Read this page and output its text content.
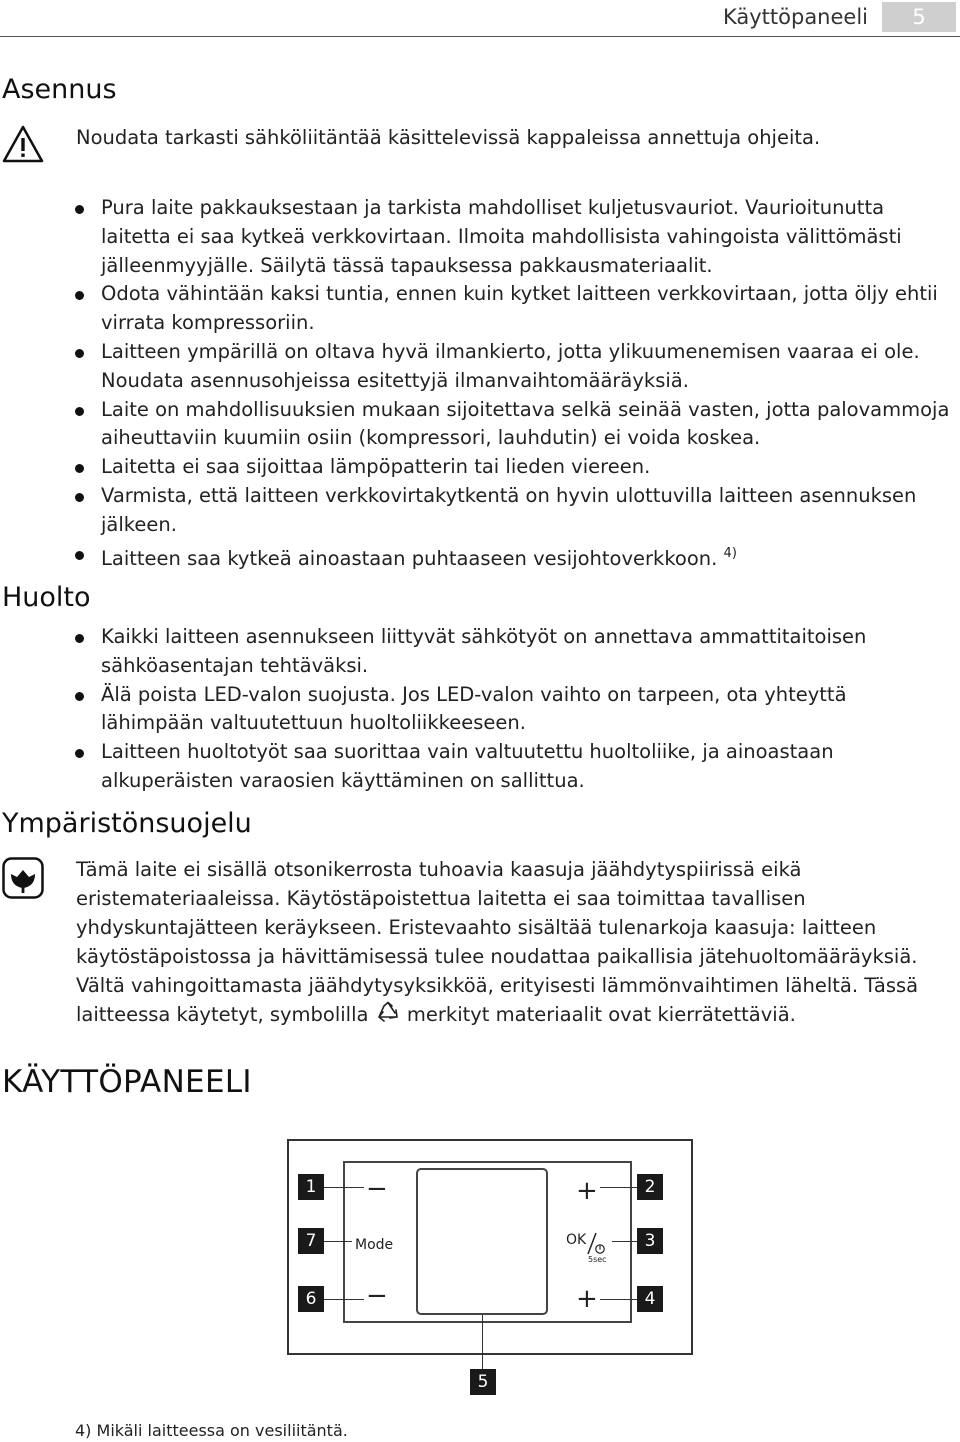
Käyttöpaneeli	5
Asennus
Noudata tarkasti sähköliitäntää käsittelevissä kappaleissa annettuja ohjeita.
Pura laite pakkauksestaan ja tarkista mahdolliset kuljetusvauriot. Vaurioitunutta laitetta ei saa kytkeä verkkovirtaan. Ilmoita mahdollisista vahingoista välittömästi jälleenmyyjälle. Säilytä tässä tapauksessa pakkausmateriaalit.
Odota vähintään kaksi tuntia, ennen kuin kytket laitteen verkkovirtaan, jotta öljy ehtii virrata kompressoriin.
Laitteen ympärillä on oltava hyvä ilmankierto, jotta ylikuumenemisen vaaraa ei ole. Noudata asennusohjeissa esitettyjä ilmanvaihtomääräyksiä.
Laite on mahdollisuuksien mukaan sijoitettava selkä seinää vasten, jotta palovammoja aiheuttaviin kuumiin osiin (kompressori, lauhdutin) ei voida koskea.
Laitetta ei saa sijoittaa lämpöpatterin tai lieden viereen.
Varmista, että laitteen verkkovirtakytkentä on hyvin ulottuvilla laitteen asennuksen jälkeen.
Laitteen saa kytkeä ainoastaan puhtaaseen vesijohtoverkkoon. $^{4)}$
Huolto
Kaikki laitteen asennukseen liittyvät sähkötyöt on annettava ammattitaitoisen sähköasentajan tehtäväksi.
Älä poista LED-valon suojusta. Jos LED-valon vaihto on tarpeen, ota yhteyttä lähimpään valtuutettuun huoltoliikkeeseen.
Laitteen huoltotyöt saa suorittaa vain valtuutettu huoltoliike, ja ainoastaan alkuperäisten varaosien käyttäminen on sallittua.
Ympäristönsuojelu
Tämä laite ei sisällä otsonikerrosta tuhoavia kaasuja jäähdytyspiirissä eikä eristemateriaaleissa. Käytöstäpoistettua laitetta ei saa toimittaa tavallisen yhdyskuntajätteen keräykseen. Eristevaahto sisältää tulenarkoja kaasuja: laitteen käytöstäpoistossa ja hävittämisessä tulee noudattaa paikallisia jätehuoltomääräyksiä. Vältä vahingoittamasta jäähdytysyksikköä, erityisesti lämmönvaihtimen läheltä. Tässä laitteessa käytetyt, symbolilla merkityt materiaalit ovat kierrätettäviä.
KÄYTTÖPANEELI
1 −
7	Mode
6 −
+	2
OK
5sec
3
+	4
5
4) Mikäli laitteessa on vesiliitäntä.
